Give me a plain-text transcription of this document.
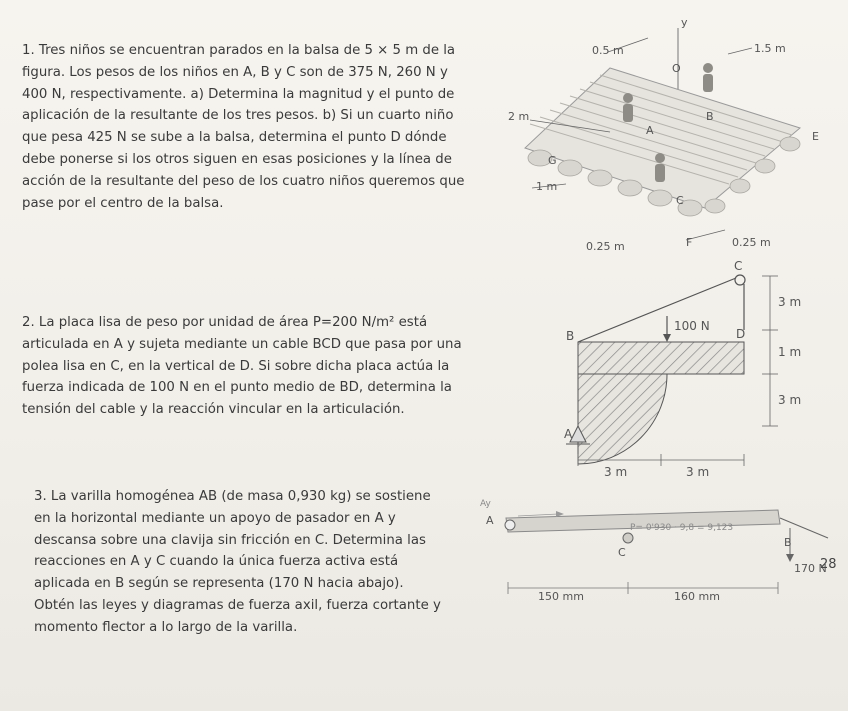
1. Tres niños se encuentran parados en la balsa de 5 × 5 m de la
figura. Los pesos de los niños en A, B y C son de 375 N, 260 N y
400 N, respectivamente. a) Determina la magnitud y el punto de
aplicación de la resultante de los tres pesos. b) Si un cuarto niño
que pesa 425 N se sube a la balsa, determina el punto D dónde
debe ponerse si los otros siguen en esas posiciones y la línea de
acción de la resultante del peso de los cuatro niños queremos que
pase por el centro de la balsa.
y
0.5 m	1.5 m
2 m
1 m
0.25 m	0.25 m
O
A
B
G
C
E
F
2. La placa lisa de peso por unidad de área P=200 N/m² está
articulada en A y sujeta mediante un cable BCD que pasa por una
polea lisa en C, en la vertical de D. Si sobre dicha placa actúa la
fuerza indicada de 100 N en el punto medio de BD, determina la
tensión del cable y la reacción vincular en la articulación.
C
B	D
A
100 N
3 m
1 m
3 m
3 m	3 m
3. La varilla homogénea AB (de masa 0,930 kg) se sostiene
en la horizontal mediante un apoyo de pasador en A y
descansa sobre una clavija sin fricción en C. Determina las
reacciones en A y C cuando la única fuerza activa está
aplicada en B según se representa (170 N hacia abajo).
Obtén las leyes y diagramas de fuerza axil, fuerza cortante y
momento flector a lo largo de la varilla.
A
C
B
170 N
P= 0'930 · 9,8 = 9,123
Ay
150 mm	160 mm
28
